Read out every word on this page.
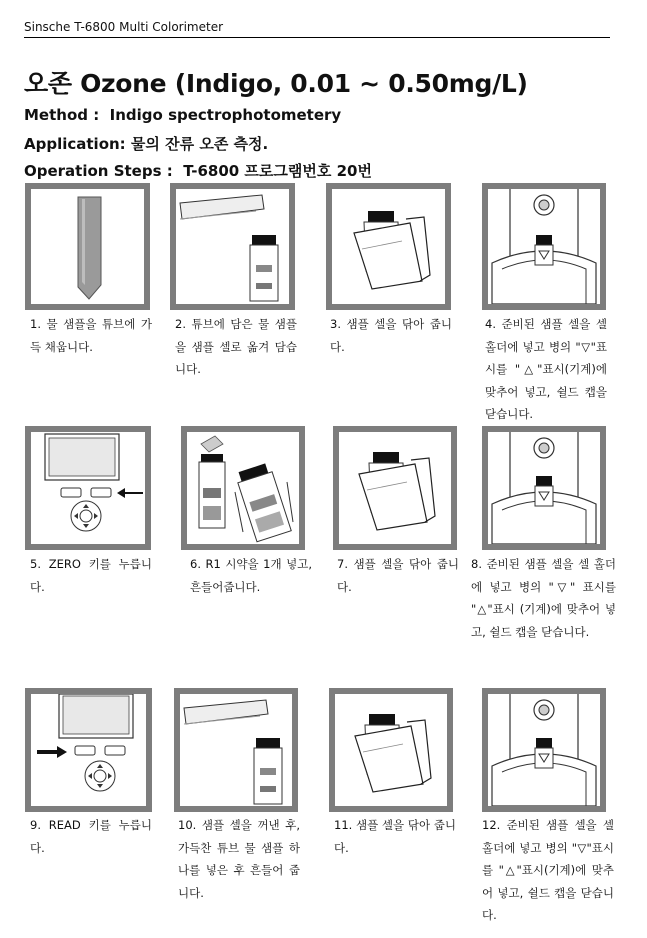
Sinsche T-6800 Multi Colorimeter
오존 Ozone (Indigo, 0.01 ~ 0.50mg/L)
Method : Indigo spectrophotometery
Application: 물의 잔류 오존 측정.
Operation Steps : T-6800 프로그램번호 20번
1. 물 샘플을 튜브에 가득 채웁니다.
2. 튜브에 담은 물 샘플을 샘플 셀로 옮겨 담습니다.
3. 샘플 셀을 닦아 줍니다.
4. 준비된 샘플 셀을 셀 홀더에 넣고 병의 "▽"표시를 "△"표시(기계)에 맞추어 넣고, 쉴드 캡을 닫습니다.
5. ZERO 키를 누릅니다.
6. R1 시약을 1개 넣고, 흔들어줍니다.
7. 샘플 셀을 닦아 줍니다.
8. 준비된 샘플 셀을 셀 홀더에 넣고 병의 "▽" 표시를 "△"표시 (기계)에 맞추어 넣고, 쉴드 캡을 닫습니다.
9. READ 키를 누릅니다.
10. 샘플 셀을 꺼낸 후, 가득찬 튜브 물 샘플 하나를 넣은 후 흔들어 줍니다.
11. 샘플 셀을 닦아 줍니다.
12. 준비된 샘플 셀을 셀 홀더에 넣고 병의 "▽"표시를 "△"표시(기계)에 맞추어 넣고, 쉴드 캡을 닫습니다.
